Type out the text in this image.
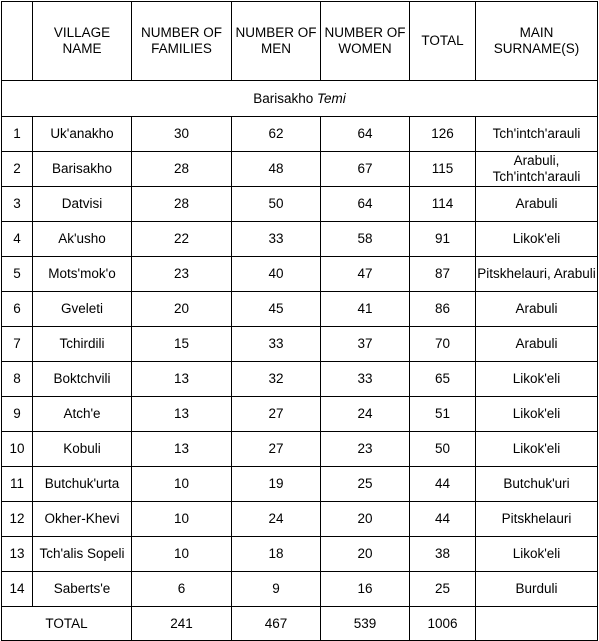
	VILLAGE NAME	NUMBER OF FAMILIES	NUMBER OF MEN	NUMBER OF WOMEN	TOTAL	MAIN SURNAME(S)
Barisakho Temi						
1	Uk'anakho	30	62	64	126	Tch'intch'arauli
2	Barisakho	28	48	67	115	Arabuli, Tch'intch'arauli
3	Datvisi	28	50	64	114	Arabuli
4	Ak'usho	22	33	58	91	Likok'eli
5	Mots'mok'o	23	40	47	87	Pitskhelauri, Arabuli
6	Gveleti	20	45	41	86	Arabuli
7	Tchirdili	15	33	37	70	Arabuli
8	Boktchvili	13	32	33	65	Likok'eli
9	Atch'e	13	27	24	51	Likok'eli
10	Kobuli	13	27	23	50	Likok'eli
11	Butchuk'urta	10	19	25	44	Butchuk'uri
12	Okher-Khevi	10	24	20	44	Pitskhelauri
13	Tch'alis Sopeli	10	18	20	38	Likok'eli
14	Saberts'e	6	9	16	25	Burduli
TOTAL		241	467	539	1006	
